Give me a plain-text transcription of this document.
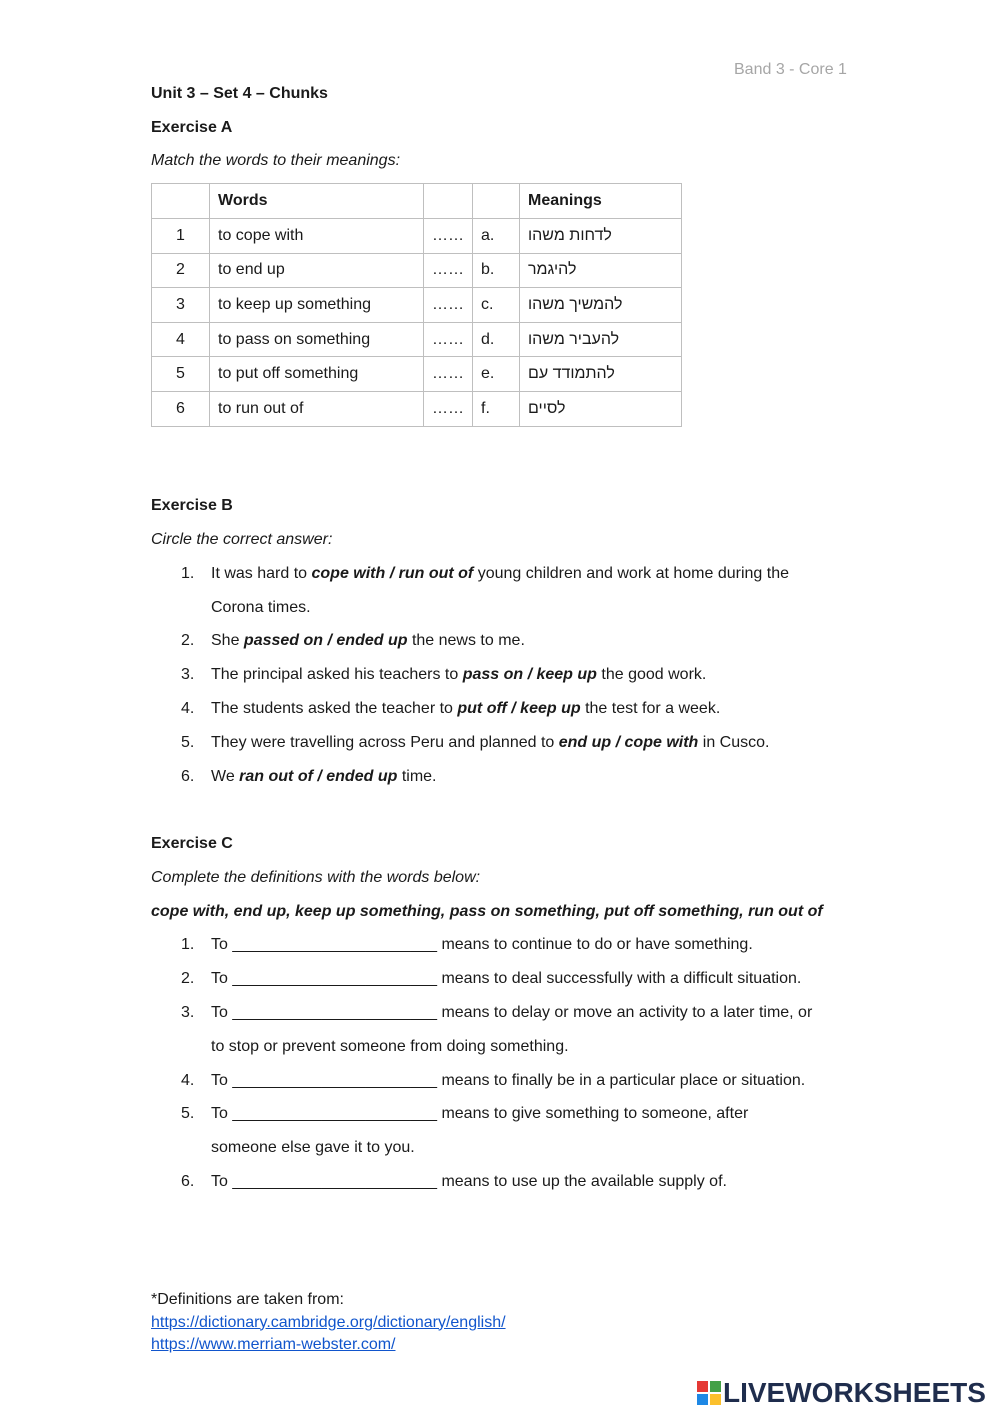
Band 3 - Core 1
Unit 3 – Set 4 – Chunks
Exercise A
Match the words to their meanings:
	Words			Meanings
1	to cope with	……	a.	לדחות משהו
2	to end up	……	b.	להיגמר
3	to keep up something	……	c.	להמשיך משהו
4	to pass on something	……	d.	להעביר משהו
5	to put off something	……	e.	להתמודד עם
6	to run out of	……	f.	לסיים
Exercise B
Circle the correct answer:
1.	It was hard to cope with / run out of young children and work at home during the
Corona times.
2.	She passed on / ended up the news to me.
3.	The principal asked his teachers to pass on / keep up the good work.
4.	The students asked the teacher to put off / keep up the test for a week.
5.	They were travelling across Peru and planned to end up / cope with in Cusco.
6.	We ran out of / ended up time.
Exercise C
Complete the definitions with the words below:
cope with, end up, keep up something, pass on something, put off something, run out of
1.	To _______________________ means to continue to do or have something.
2.	To _______________________ means to deal successfully with a difficult situation.
3.	To _______________________ means to delay or move an activity to a later time, or
to stop or prevent someone from doing something.
4.	To _______________________ means to finally be in a particular place or situation.
5.	To _______________________ means to give something to someone, after
someone else gave it to you.
6.	To _______________________ means to use up the available supply of.
*Definitions are taken from:
https://dictionary.cambridge.org/dictionary/english/
https://www.merriam-webster.com/
LIVEWORKSHEETS
